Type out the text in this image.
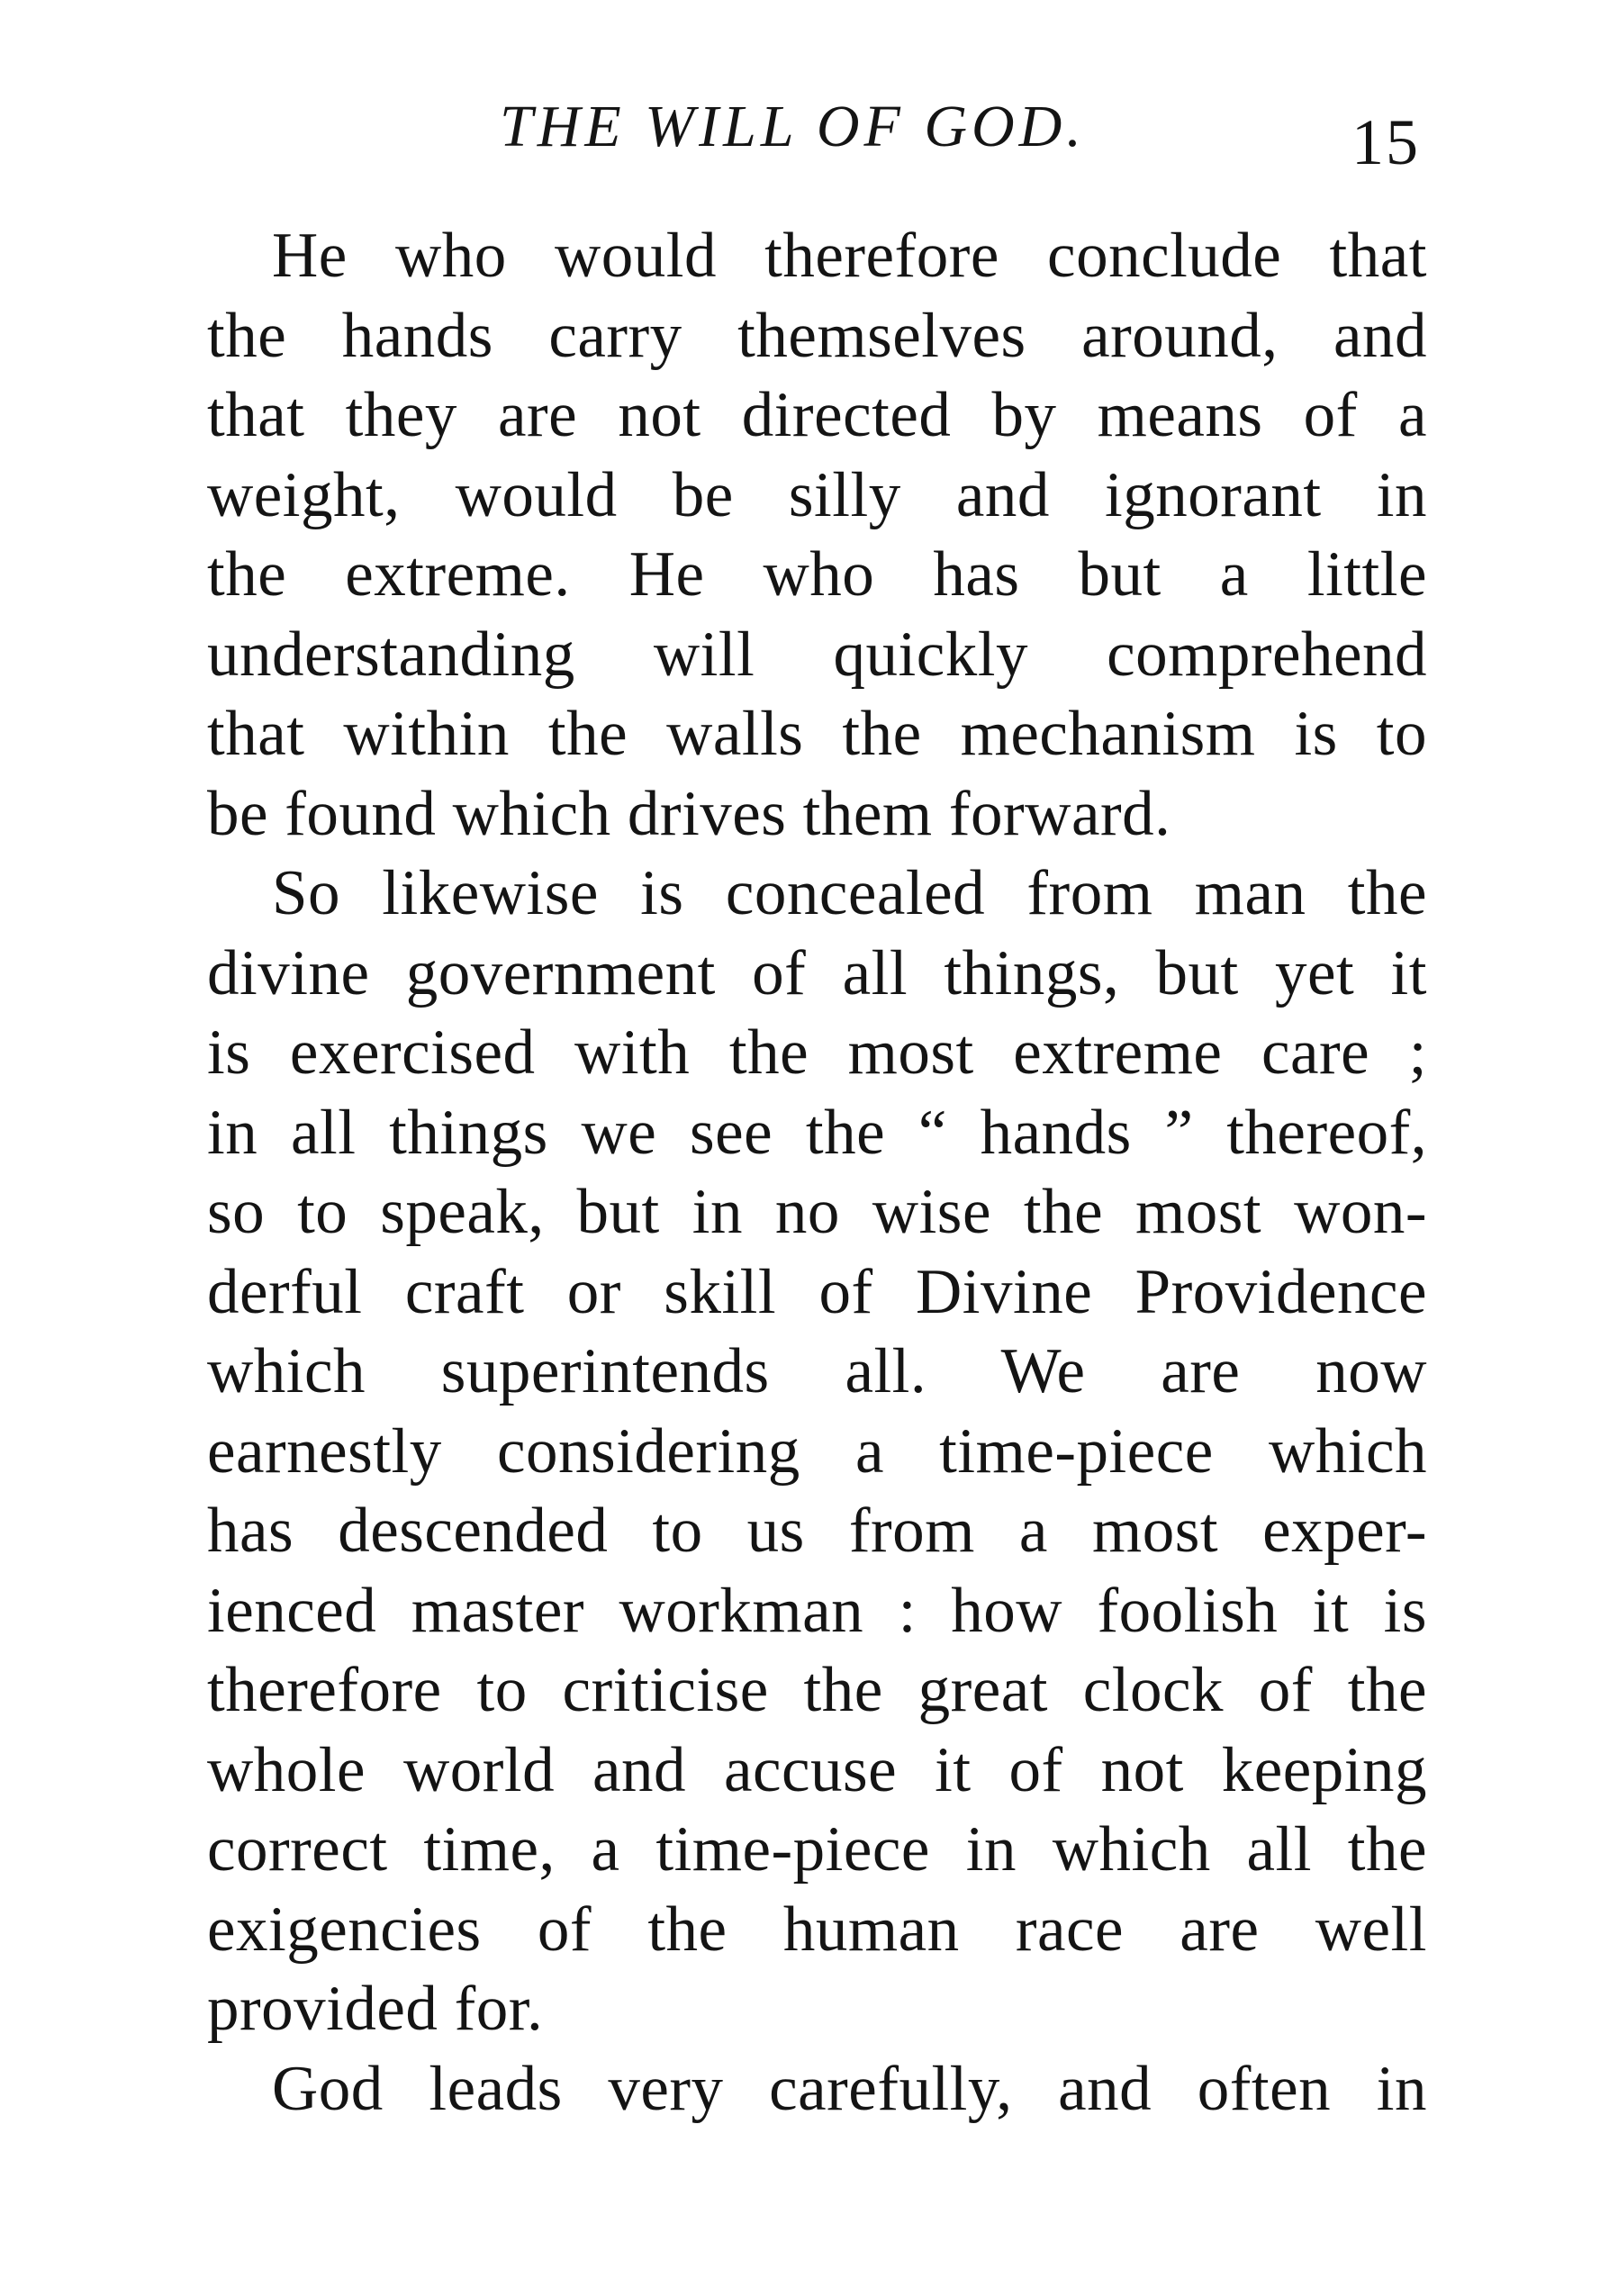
THE WILL OF GOD.	15
He who would therefore conclude that
the hands carry themselves around, and
that they are not directed by means of a
weight, would be silly and ignorant in
the extreme. He who has but a little
understanding will quickly comprehend
that within the walls the mechanism is to
be found which drives them forward.
So likewise is concealed from man the
divine government of all things, but yet it
is exercised with the most extreme care ;
in all things we see the “ hands ” thereof,
so to speak, but in no wise the most won-
derful craft or skill of Divine Providence
which superintends all. We are now
earnestly considering a time-piece which
has descended to us from a most exper-
ienced master workman : how foolish it is
therefore to criticise the great clock of the
whole world and accuse it of not keeping
correct time, a time-piece in which all the
exigencies of the human race are well
provided for.
God leads very carefully, and often in
